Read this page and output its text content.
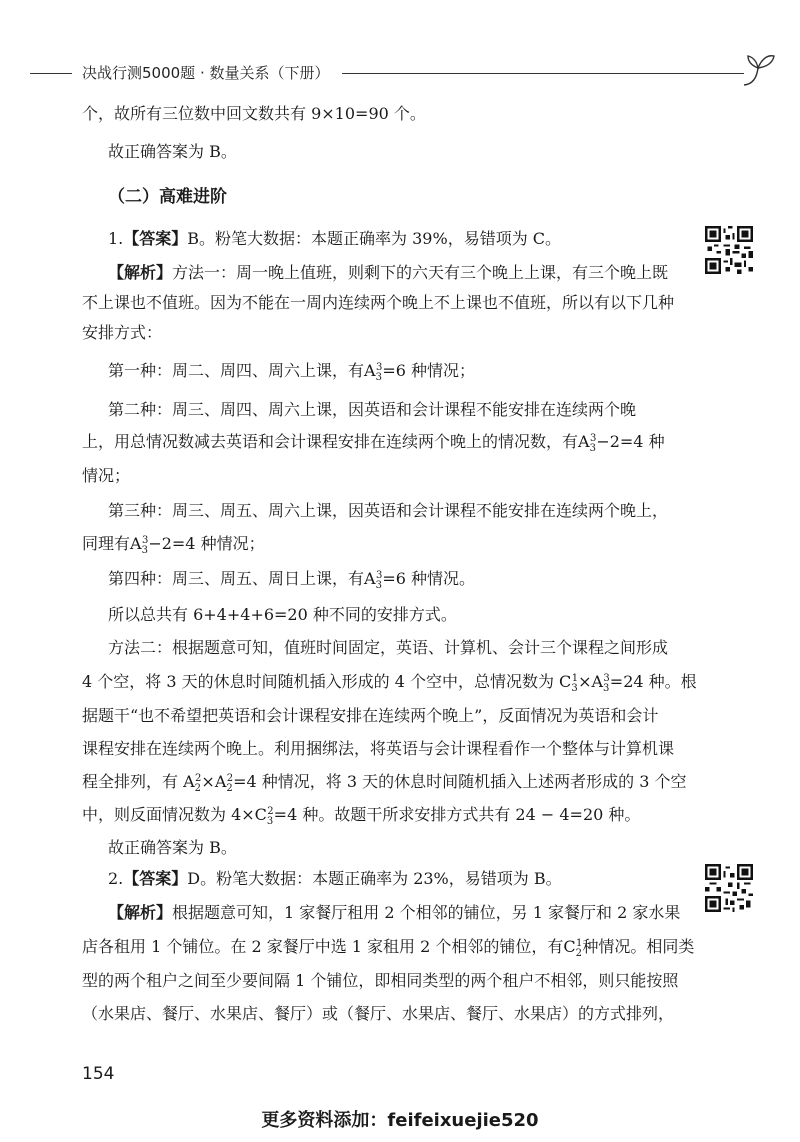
决战行测5000题 · 数量关系（下册）
个，故所有三位数中回文数共有 9×10=90 个。
故正确答案为 B。
（二）高难进阶
1.【答案】B。粉笔大数据：本题正确率为 39%，易错项为 C。
【解析】方法一：周一晚上值班，则剩下的六天有三个晚上上课，有三个晚上既
不上课也不值班。因为不能在一周内连续两个晚上不上课也不值班，所以有以下几种
安排方式：
第一种：周二、周四、周六上课，有$A_3^3=6$ 种情况；
第二种：周三、周四、周六上课，因英语和会计课程不能安排在连续两个晚
上，用总情况数减去英语和会计课程安排在连续两个晚上的情况数，有$A_3^3-2=4$ 种
情况；
第三种：周三、周五、周六上课，因英语和会计课程不能安排在连续两个晚上，
同理有$A_3^3-2=4$ 种情况；
第四种：周三、周五、周日上课，有$A_3^3=6$ 种情况。
所以总共有 6+4+4+6=20 种不同的安排方式。
方法二：根据题意可知，值班时间固定，英语、计算机、会计三个课程之间形成
4 个空，将 3 天的休息时间随机插入形成的 4 个空中，总情况数为 $C_3^1\times A_3^3=24$ 种。根
据题干“也不希望把英语和会计课程安排在连续两个晚上”，反面情况为英语和会计
课程安排在连续两个晚上。利用捆绑法，将英语与会计课程看作一个整体与计算机课
程全排列，有 $A_2^2\times A_2^2=4$ 种情况，将 3 天的休息时间随机插入上述两者形成的 3 个空
中，则反面情况数为 $4\times C_3^2=4$ 种。故题干所求安排方式共有 24 − 4=20 种。
故正确答案为 B。
2.【答案】D。粉笔大数据：本题正确率为 23%，易错项为 B。
【解析】根据题意可知，1 家餐厅租用 2 个相邻的铺位，另 1 家餐厅和 2 家水果
店各租用 1 个铺位。在 2 家餐厅中选 1 家租用 2 个相邻的铺位，有$C_2^1$种情况。相同类
型的两个租户之间至少要间隔 1 个铺位，即相同类型的两个租户不相邻，则只能按照
（水果店、餐厅、水果店、餐厅）或（餐厅、水果店、餐厅、水果店）的方式排列，
154
更多资料添加：feifeixuejie520
